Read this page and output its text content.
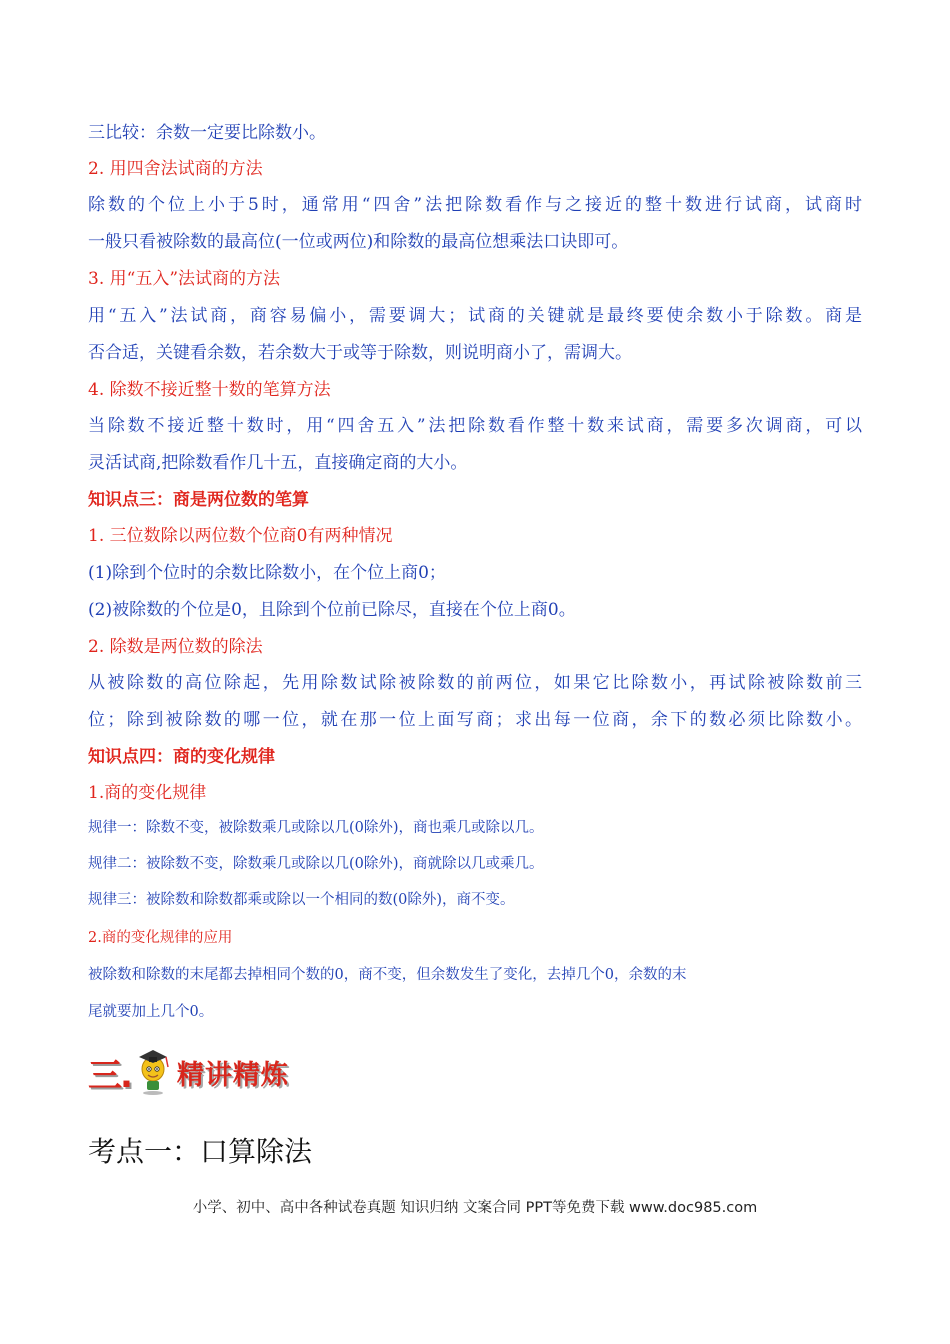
三比较：余数一定要比除数小。
2. 用四舍法试商的方法
除数的个位上小于5时，通常用“四舍”法把除数看作与之接近的整十数进行试商，试商时
一般只看被除数的最高位(一位或两位)和除数的最高位想乘法口诀即可。
3. 用“五入”法试商的方法
用“五入”法试商，商容易偏小，需要调大；试商的关键就是最终要使余数小于除数。商是
否合适，关键看余数，若余数大于或等于除数，则说明商小了，需调大。
4. 除数不接近整十数的笔算方法
当除数不接近整十数时，用“四舍五入”法把除数看作整十数来试商，需要多次调商，可以
灵活试商,把除数看作几十五，直接确定商的大小。
知识点三：商是两位数的笔算
1. 三位数除以两位数个位商0有两种情况
(1)除到个位时的余数比除数小，在个位上商0；
(2)被除数的个位是0，且除到个位前已除尽，直接在个位上商0。
2. 除数是两位数的除法
从被除数的高位除起，先用除数试除被除数的前两位，如果它比除数小，再试除被除数前三
位；除到被除数的哪一位，就在那一位上面写商；求出每一位商，余下的数必须比除数小。
知识点四：商的变化规律
1.商的变化规律
规律一：除数不变，被除数乘几或除以几(0除外)，商也乘几或除以几。
规律二：被除数不变，除数乘几或除以几(0除外)，商就除以几或乘几。
规律三：被除数和除数都乘或除以一个相同的数(0除外)，商不变。
2.商的变化规律的应用
被除数和除数的末尾都去掉相同个数的0，商不变，但余数发生了变化，去掉几个0，余数的末
尾就要加上几个0。
三. 精讲精炼
考点一：口算除法
小学、初中、高中各种试卷真题 知识归纳 文案合同 PPT等免费下载 www.doc985.com
